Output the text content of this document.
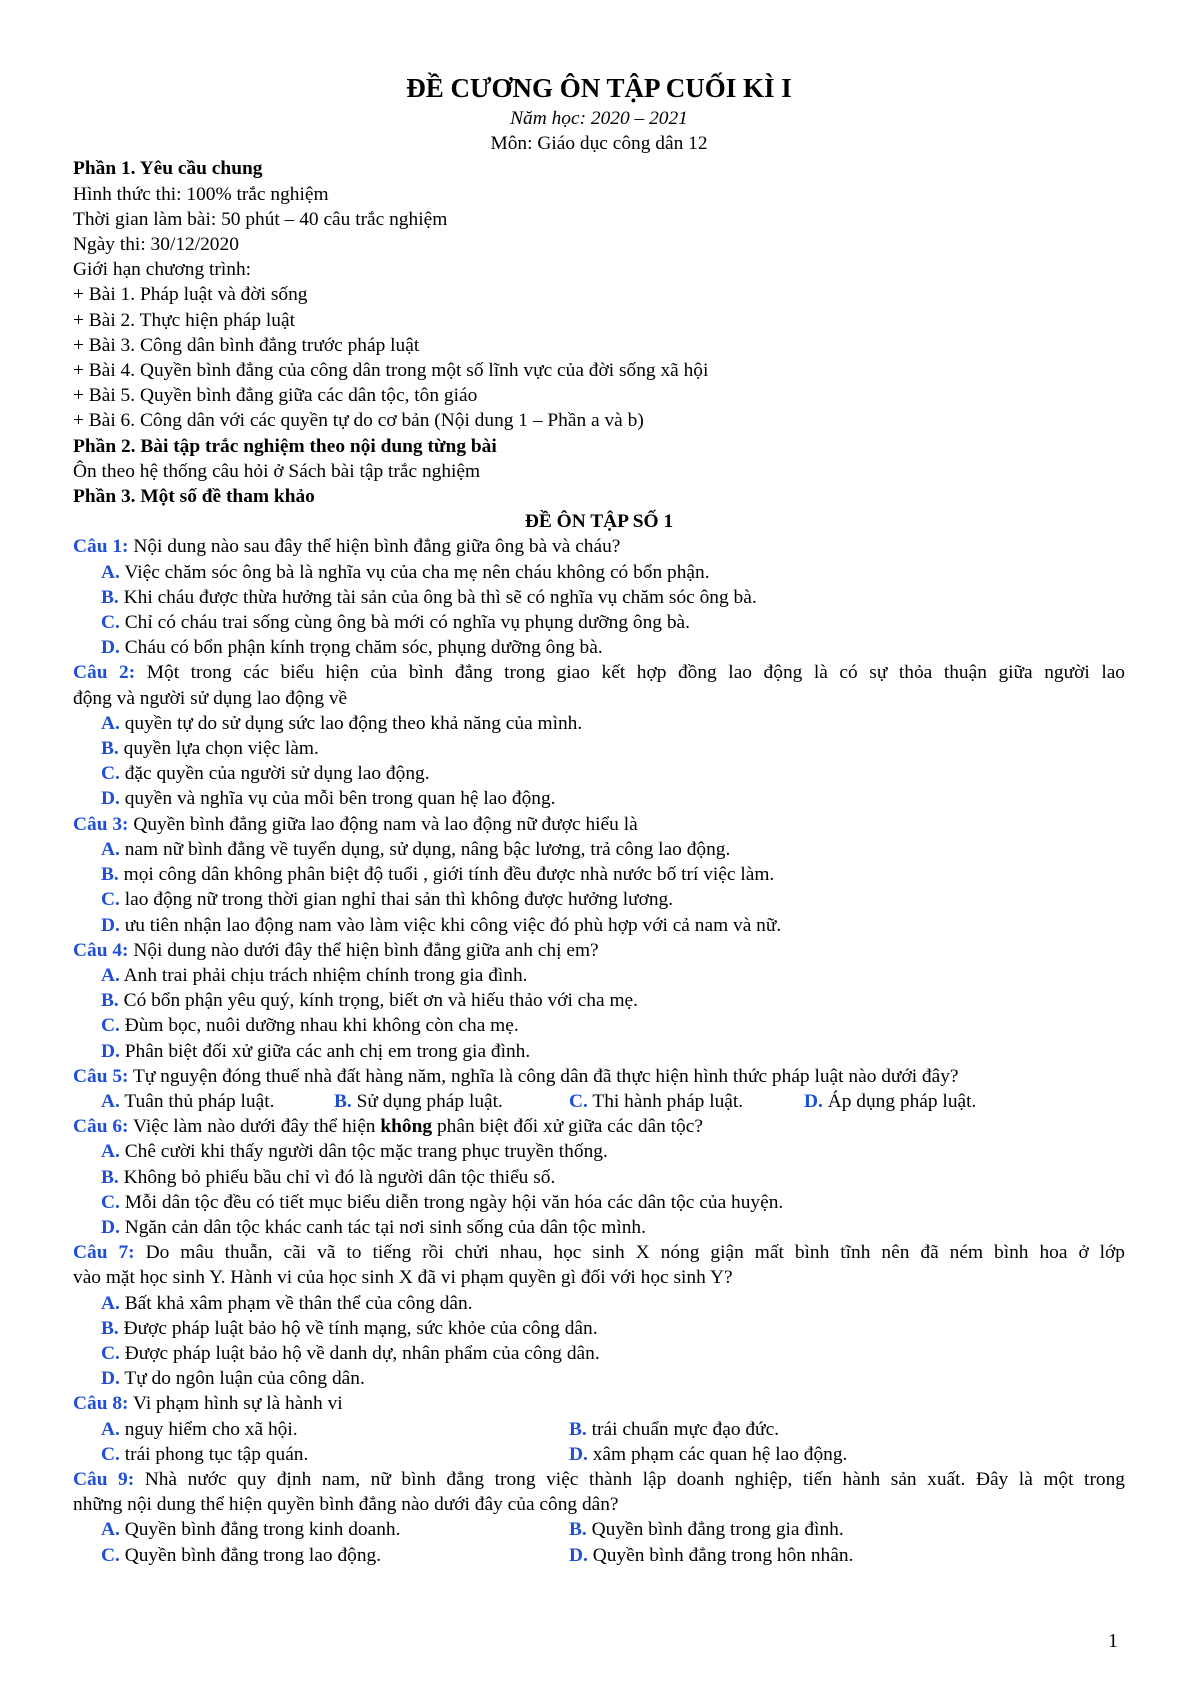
ĐỀ CƯƠNG ÔN TẬP CUỐI KÌ I
Năm học: 2020 – 2021
Môn: Giáo dục công dân 12
Phần 1. Yêu cầu chung
Hình thức thi: 100% trắc nghiệm
Thời gian làm bài: 50 phút – 40 câu trắc nghiệm
Ngày thi: 30/12/2020
Giới hạn chương trình:
+ Bài 1. Pháp luật và đời sống
+ Bài 2. Thực hiện pháp luật
+ Bài 3. Công dân bình đẳng trước pháp luật
+ Bài 4. Quyền bình đẳng của công dân trong một số lĩnh vực của đời sống xã hội
+ Bài 5. Quyền bình đẳng giữa các dân tộc, tôn giáo
+ Bài 6. Công dân với các quyền tự do cơ bản (Nội dung 1 – Phần a và b)
Phần 2. Bài tập trắc nghiệm theo nội dung từng bài
Ôn theo hệ thống câu hỏi ở Sách bài tập trắc nghiệm
Phần 3. Một số đề tham khảo
ĐỀ ÔN TẬP SỐ 1
Câu 1: Nội dung nào sau đây thể hiện bình đẳng giữa ông bà và cháu?
A. Việc chăm sóc ông bà là nghĩa vụ của cha mẹ nên cháu không có bổn phận.
B. Khi cháu được thừa hưởng tài sản của ông bà thì sẽ có nghĩa vụ chăm sóc ông bà.
C. Chỉ có cháu trai sống cùng ông bà mới có nghĩa vụ phụng dưỡng ông bà.
D. Cháu có bổn phận kính trọng chăm sóc, phụng dưỡng ông bà.
Câu 2: Một trong các biểu hiện của bình đẳng trong giao kết hợp đồng lao động là có sự thỏa thuận giữa người lao
động và người sử dụng lao động về
A. quyền tự do sử dụng sức lao động theo khả năng của mình.
B. quyền lựa chọn việc làm.
C. đặc quyền của người sử dụng lao động.
D. quyền và nghĩa vụ của mỗi bên trong quan hệ lao động.
Câu 3: Quyền bình đẳng giữa lao động nam và lao động nữ được hiểu là
A. nam nữ bình đẳng về tuyển dụng, sử dụng, nâng bậc lương, trả công lao động.
B. mọi công dân không phân biệt độ tuổi , giới tính đều được nhà nước bố trí việc làm.
C. lao động nữ trong thời gian nghỉ thai sản thì không được hưởng lương.
D. ưu tiên nhận lao động nam vào làm việc khi công việc đó phù hợp với cả nam và nữ.
Câu 4: Nội dung nào dưới đây thể hiện bình đẳng giữa anh chị em?
A. Anh trai phải chịu trách nhiệm chính trong gia đình.
B. Có bổn phận yêu quý, kính trọng, biết ơn và hiếu thảo với cha mẹ.
C. Đùm bọc, nuôi dưỡng nhau khi không còn cha mẹ.
D. Phân biệt đối xử giữa các anh chị em trong gia đình.
Câu 5: Tự nguyện đóng thuế nhà đất hàng năm, nghĩa là công dân đã thực hiện hình thức pháp luật nào dưới đây?
A. Tuân thủ pháp luật.	B. Sử dụng pháp luật.	C. Thi hành pháp luật.	D. Áp dụng pháp luật.
Câu 6: Việc làm nào dưới đây thể hiện không phân biệt đối xử giữa các dân tộc?
A. Chê cười khi thấy người dân tộc mặc trang phục truyền thống.
B. Không bỏ phiếu bầu chỉ vì đó là người dân tộc thiểu số.
C. Mỗi dân tộc đều có tiết mục biểu diễn trong ngày hội văn hóa các dân tộc của huyện.
D. Ngăn cản dân tộc khác canh tác tại nơi sinh sống của dân tộc mình.
Câu 7: Do mâu thuẫn, cãi vã to tiếng rồi chửi nhau, học sinh X nóng giận mất bình tĩnh nên đã ném bình hoa ở lớp
vào mặt học sinh Y. Hành vi của học sinh X đã vi phạm quyền gì đối với học sinh Y?
A. Bất khả xâm phạm về thân thể của công dân.
B. Được pháp luật bảo hộ về tính mạng, sức khỏe của công dân.
C. Được pháp luật bảo hộ về danh dự, nhân phẩm của công dân.
D. Tự do ngôn luận của công dân.
Câu 8: Vi phạm hình sự là hành vi
A. nguy hiểm cho xã hội.	B. trái chuẩn mực đạo đức.
C. trái phong tục tập quán.	D. xâm phạm các quan hệ lao động.
Câu 9: Nhà nước quy định nam, nữ bình đẳng trong việc thành lập doanh nghiệp, tiến hành sản xuất. Đây là một trong
những nội dung thể hiện quyền bình đẳng nào dưới đây của công dân?
A. Quyền bình đẳng trong kinh doanh.	B. Quyền bình đẳng trong gia đình.
C. Quyền bình đẳng trong lao động.	D. Quyền bình đẳng trong hôn nhân.
1
